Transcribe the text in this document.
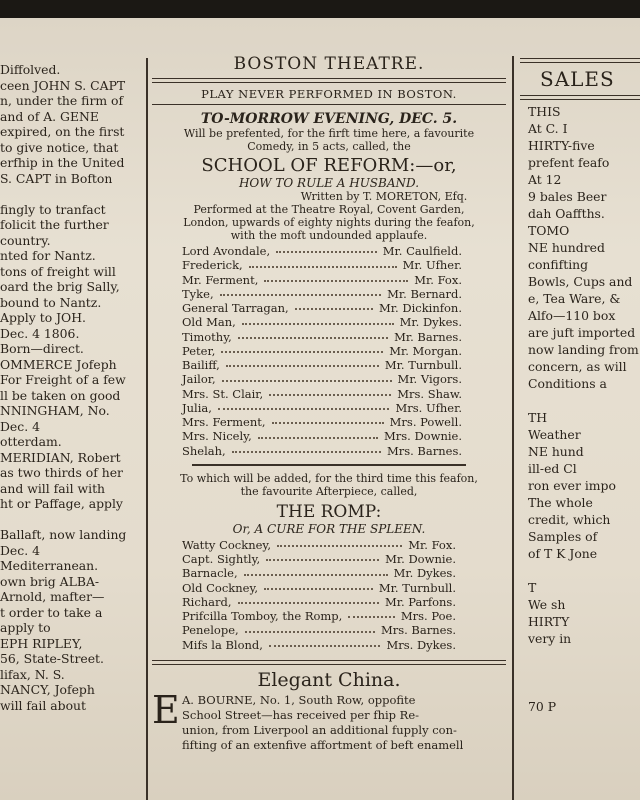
Diffolved.
ceen JOHN S. CAPT
n, under the firm of
and of A. GENE
expired, on the first
to give notice, that
erfhip in the United
S. CAPT in Bofton
fingly to tranfact
folicit the further
country.
nted for Nantz.
tons of freight will
oard the brig Sally,
bound to Nantz.
Apply to JOH.
Dec. 4 1806.
Born—direct.
OMMERCE Jofeph
For Freight of a few
ll be taken on good
NNINGHAM, No.
Dec. 4
otterdam.
MERIDIAN, Robert
as two thirds of her
and will fail with
ht or Paffage, apply
Ballaft, now landing
Dec. 4
Mediterranean.
own brig ALBA-
Arnold, mafter—
t order to take a
apply to
EPH RIPLEY,
56, State-Street.
lifax, N. S.
NANCY, Jofeph
will fail about
BOSTON THEATRE.
PLAY NEVER PERFORMED IN BOSTON.
TO-MORROW EVENING, DEC. 5.
Will be prefented, for the firft time here, a favourite
Comedy, in 5 acts, called, the
SCHOOL OF REFORM:—or,
HOW TO RULE A HUSBAND.
Written by T. MORETON, Efq.
Performed at the Theatre Royal, Covent Garden,
London, upwards of eighty nights during the feafon,
with the moft undounded applaufe.
Lord Avondale,	Mr. Caulfield.
Frederick,	Mr. Ufher.
Mr. Ferment,	Mr. Fox.
Tyke,	Mr. Bernard.
General Tarragan,	Mr. Dickinfon.
Old Man,	Mr. Dykes.
Timothy,	Mr. Barnes.
Peter,	Mr. Morgan.
Bailiff,	Mr. Turnbull.
Jailor,	Mr. Vigors.
Mrs. St. Clair,	Mrs. Shaw.
Julia,	Mrs. Ufher.
Mrs. Ferment,	Mrs. Powell.
Mrs. Nicely,	Mrs. Downie.
Shelah,	Mrs. Barnes.
To which will be added, for the third time this feafon,
the favourite Afterpiece, called,
THE ROMP:
Or, A CURE FOR THE SPLEEN.
Watty Cockney,	Mr. Fox.
Capt. Sightly,	Mr. Downie.
Barnacle,	Mr. Dykes.
Old Cockney,	Mr. Turnbull.
Richard,	Mr. Parfons.
Prifcilla Tomboy, the Romp,	Mrs. Poe.
Penelope,	Mrs. Barnes.
Mifs la Blond,	Mrs. Dykes.
Elegant China.
E A. BOURNE, No. 1, South Row, oppofite
School Street—has received per fhip Re-
union, from Liverpool an additional fupply con-
fifting of an extenfive affortment of beft enamell
SALES
THIS
At C. I
HIRTY-five
prefent feafo
At 12
9 bales Beer
dah Oaffths.
TOMO
NE hundred
confifting
Bowls, Cups and
e, Tea Ware, &
Alfo—110 box
are juft imported
now landing from
concern, as will
Conditions a
TH
Weather
NE hund
ill-ed Cl
ron ever impo
The whole
credit, which
Samples of
of T K Jone
T
We sh
HIRTY
very in
70 P
